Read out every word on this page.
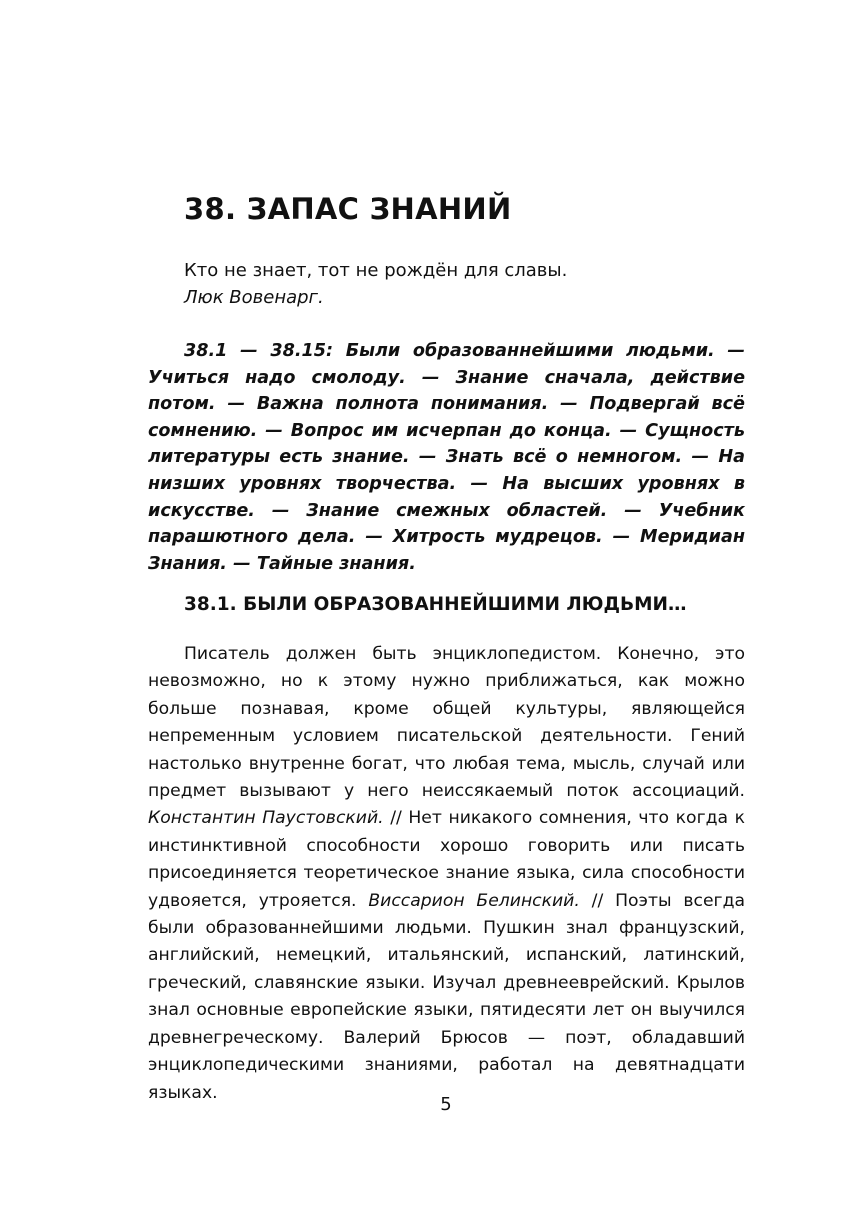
38. ЗАПАС ЗНАНИЙ
Кто не знает, тот не рождён для славы.
Люк Вовенарг.
38.1 — 38.15: Были образованнейшими людьми. — Учиться надо смолоду. — Знание сначала, действие потом. — Важна полнота понимания. — Подвергай всё сомнению. — Вопрос им исчерпан до конца. — Сущность литературы есть знание. — Знать всё о немногом. — На низших уровнях творчества. — На высших уровнях в искусстве. — Знание смежных областей. — Учебник парашютного дела. — Хитрость мудрецов. — Меридиан Знания. — Тайные знания.
38.1. БЫЛИ ОБРАЗОВАННЕЙШИМИ ЛЮДЬМИ…
Писатель должен быть энциклопедистом. Конечно, это невозможно, но к этому нужно приближаться, как можно больше познавая, кроме общей культуры, являющейся непременным условием писательской деятельности. Гений настолько внутренне богат, что любая тема, мысль, случай или предмет вызывают у него неиссякаемый поток ассоциаций. Константин Паустовский. // Нет никакого сомнения, что когда к инстинктивной способности хорошо говорить или писать присоединяется теоретическое знание языка, сила способности удвояется, утрояется. Виссарион Белинский. // Поэты всегда были образованнейшими людьми. Пушкин знал французский, английский, немецкий, итальянский, испанский, латинский, греческий, славянские языки. Изучал древнееврейский. Крылов знал основные европейские языки, пятидесяти лет он выучился древнегреческому. Валерий Брюсов — поэт, обладавший энциклопедическими знаниями, работал на девятнадцати языках.
5
